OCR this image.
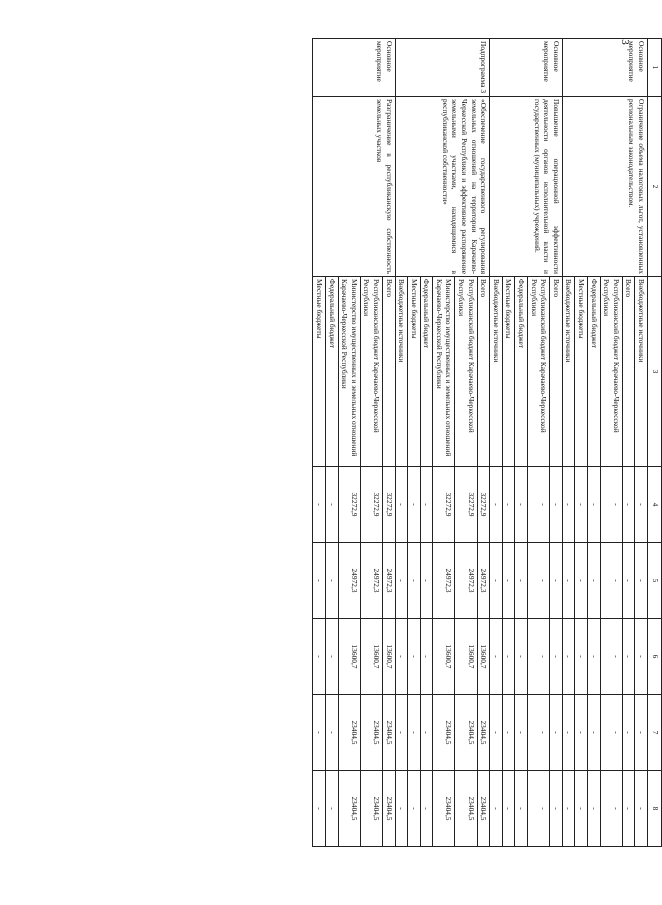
3
1	2	3	4	5	6	7	8
Основное мероприятие	Ограничение объема налоговых льгот, установленных региональным законодательством.	Внебюджетные источники	-	-	-	-	-
		Всего	-	-	-	-	-
		Республиканский бюджет Карачаево-Черкесской Республики	-	-	-	-	-
		Федеральный бюджет	-	-	-	-	-
		Местные бюджеты	-	-	-	-	-
		Внебюджетные источники	-	-	-	-	-
Основное мероприятие	Повышение операционной эффективности деятельности органов исполнительной власти и государственных (муниципальных) учреждений.	Всего	-	-	-	-	-
		Республиканский бюджет Карачаево-Черкесской Республики	-	-	-	-	-
		Федеральный бюджет	-	-	-	-	-
		Местные бюджеты	-	-	-	-	-
		Внебюджетные источники	-	-	-	-	-
Подпрограмма 3	«Обеспечение государственного регулирования земельных отношений на территории Карачаево-Черкесской Республики и эффективное распоряжение земельными участками, находящимися в республиканской собственности»	Всего	32272,9	24972,3	13600,7	23404,5	23404,5
		Республиканский бюджет Карачаево-Черкесской Республики	32272,9	24972,3	13600,7	23404,5	23404,5
		Министерство имущественных и земельных отношений Карачаево-Черкесской Республики	32272,9	24972,3	13600,7	23404,5	23404,5
		Федеральный бюджет	-	-	-	-	-
		Местные бюджеты	-	-	-	-	-
		Внебюджетные источники	-	-	-	-	-
Основное мероприятие	Разграничение в республиканскую собственность земельных участков	Всего	32272,9	24972,3	13600,7	23404,5	23404,5
		Республиканский бюджет Карачаево-Черкесской Республики	32272,9	24972,3	13600,7	23404,5	23404,5
		Министерство имущественных и земельных отношений Карачаево-Черкесской Республики	32272,9	24972,3	13600,7	23404,5	23404,5
		Федеральный бюджет	-	-	-	-	-
		Местные бюджеты	-	-	-	-	-
